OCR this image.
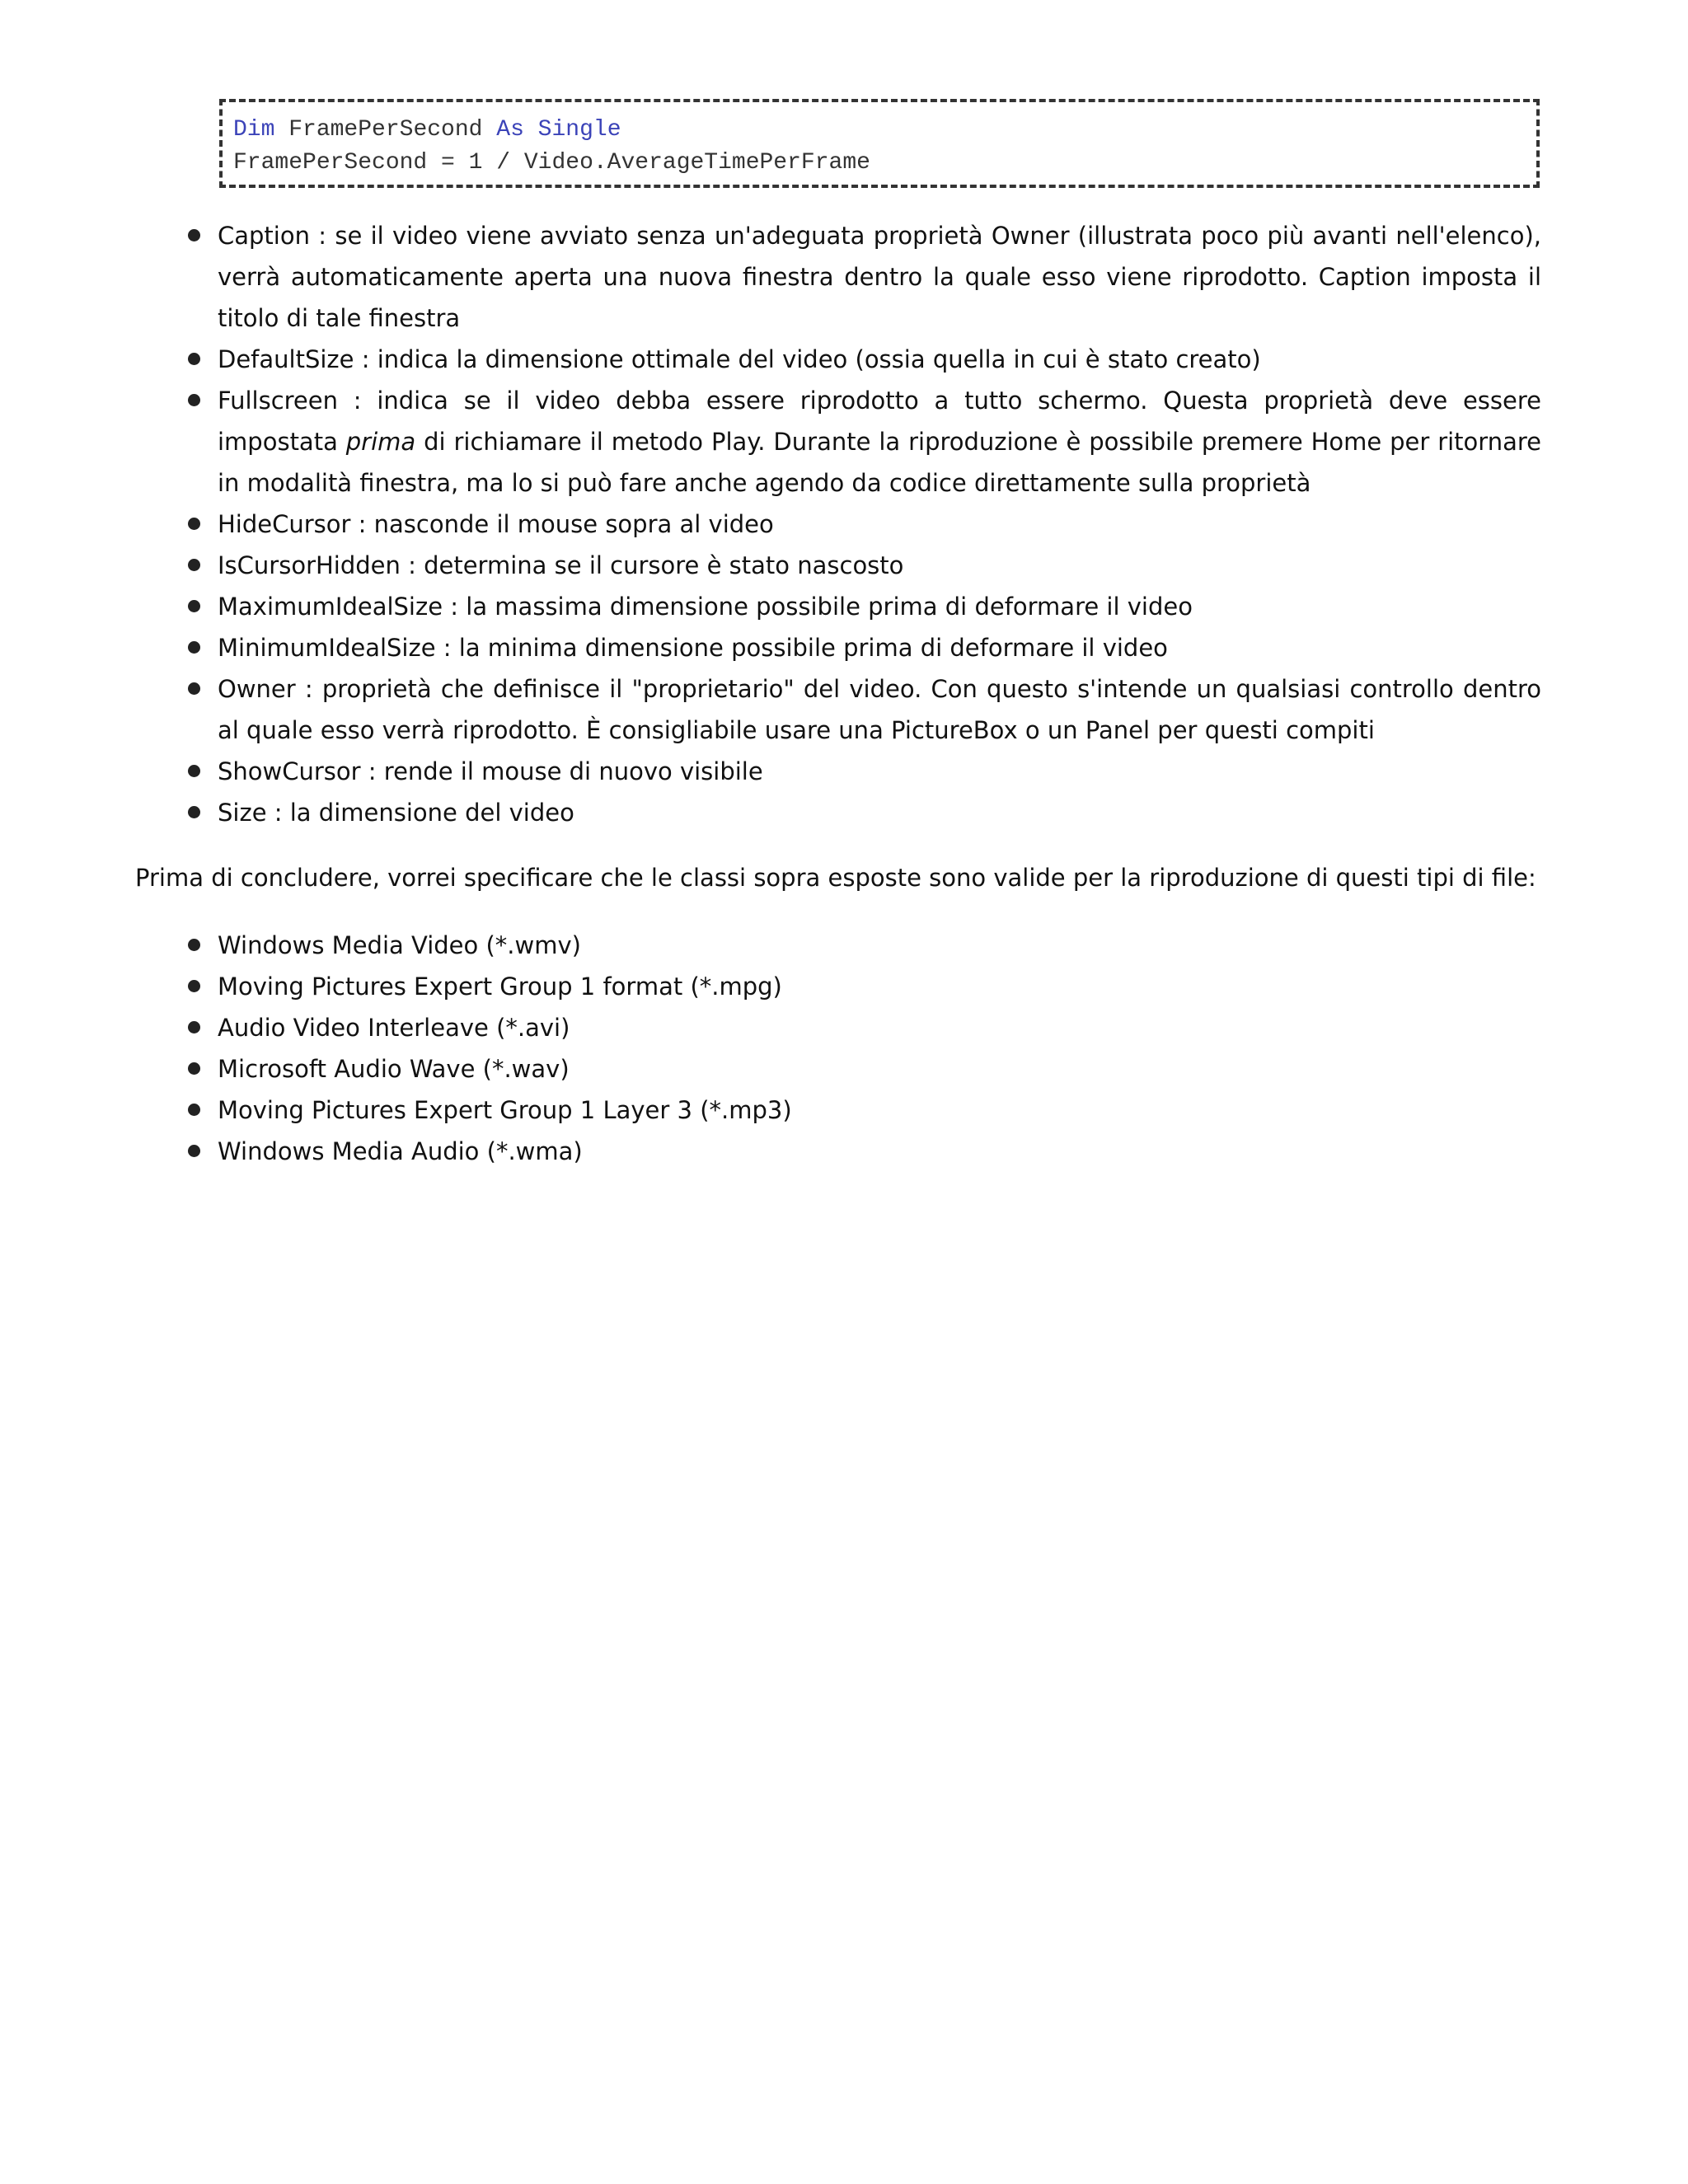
Dim FramePerSecond As Single
FramePerSecond = 1 / Video.AverageTimePerFrame
Caption : se il video viene avviato senza un'adeguata proprietà Owner (illustrata poco più avanti nell'elenco), verrà automaticamente aperta una nuova finestra dentro la quale esso viene riprodotto. Caption imposta il titolo di tale finestra
DefaultSize : indica la dimensione ottimale del video (ossia quella in cui è stato creato)
Fullscreen : indica se il video debba essere riprodotto a tutto schermo. Questa proprietà deve essere impostata prima di richiamare il metodo Play. Durante la riproduzione è possibile premere Home per ritornare in modalità finestra, ma lo si può fare anche agendo da codice direttamente sulla proprietà
HideCursor : nasconde il mouse sopra al video
IsCursorHidden : determina se il cursore è stato nascosto
MaximumIdealSize : la massima dimensione possibile prima di deformare il video
MinimumIdealSize : la minima dimensione possibile prima di deformare il video
Owner : proprietà che definisce il "proprietario" del video. Con questo s'intende un qualsiasi controllo dentro al quale esso verrà riprodotto. È consigliabile usare una PictureBox o un Panel per questi compiti
ShowCursor : rende il mouse di nuovo visibile
Size : la dimensione del video

Prima di concludere, vorrei specificare che le classi sopra esposte sono valide per la riproduzione di questi tipi di file:

Windows Media Video (*.wmv)
Moving Pictures Expert Group 1 format (*.mpg)
Audio Video Interleave (*.avi)
Microsoft Audio Wave (*.wav)
Moving Pictures Expert Group 1 Layer 3 (*.mp3)
Windows Media Audio (*.wma)
